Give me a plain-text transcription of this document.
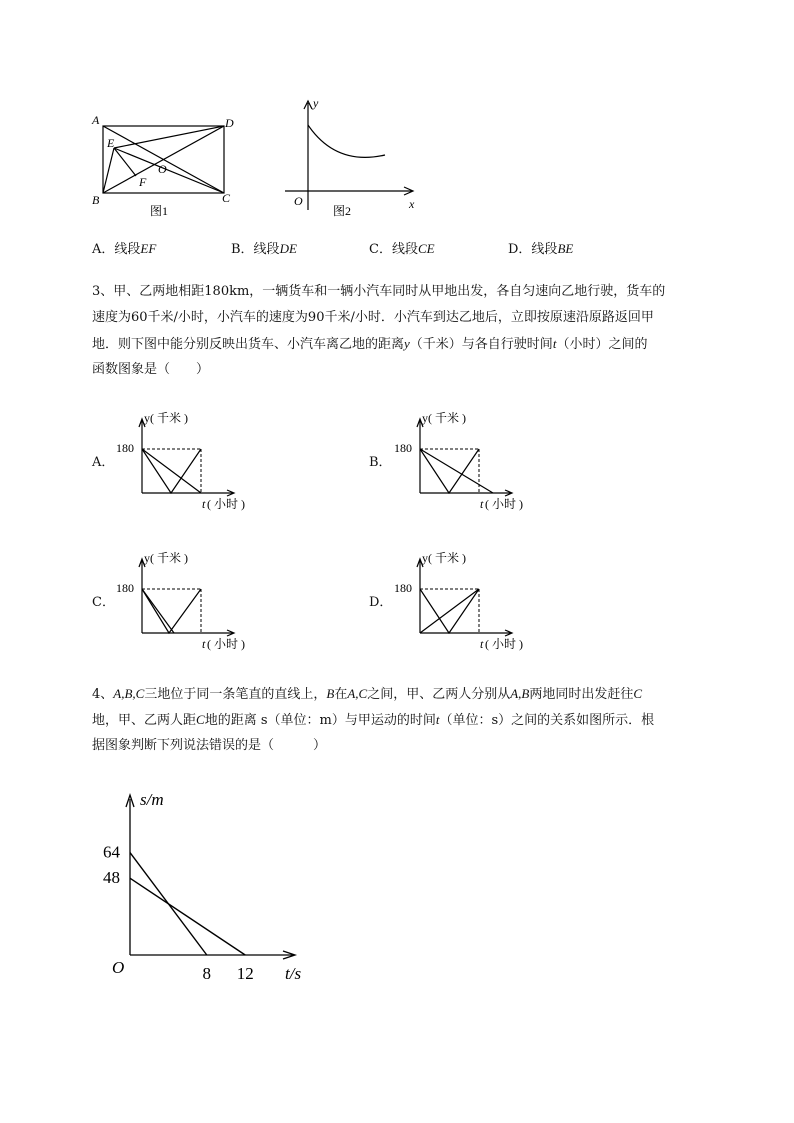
A	D
B	C
E
F
O
图1
y
x
O
图2
A．线段EF	B．线段DE	C．线段CE	D．线段BE
3、甲、乙两地相距180km，一辆货车和一辆小汽车同时从甲地出发，各自匀速向乙地行驶，货车的
速度为60千米/小时，小汽车的速度为90千米/小时．小汽车到达乙地后，立即按原速沿原路返回甲
地．则下图中能分别反映出货车、小汽车离乙地的距离y（千米）与各自行驶时间t（小时）之间的
函数图象是（　　）
A．
y( 千米 )
180
t ( 小时 )
B．
y( 千米 )
180
t ( 小时 )
C．
y( 千米 )
180
t ( 小时 )
D．
y( 千米 )
180
t ( 小时 )
4、A,B,C三地位于同一条笔直的直线上，B在A,C之间，甲、乙两人分别从A,B两地同时出发赶往C
地，甲、乙两人距C地的距离 s（单位：m）与甲运动的时间t（单位：s）之间的关系如图所示．根
据图象判断下列说法错误的是（　　　）
s/m
t/s
O
64
48
8 12
